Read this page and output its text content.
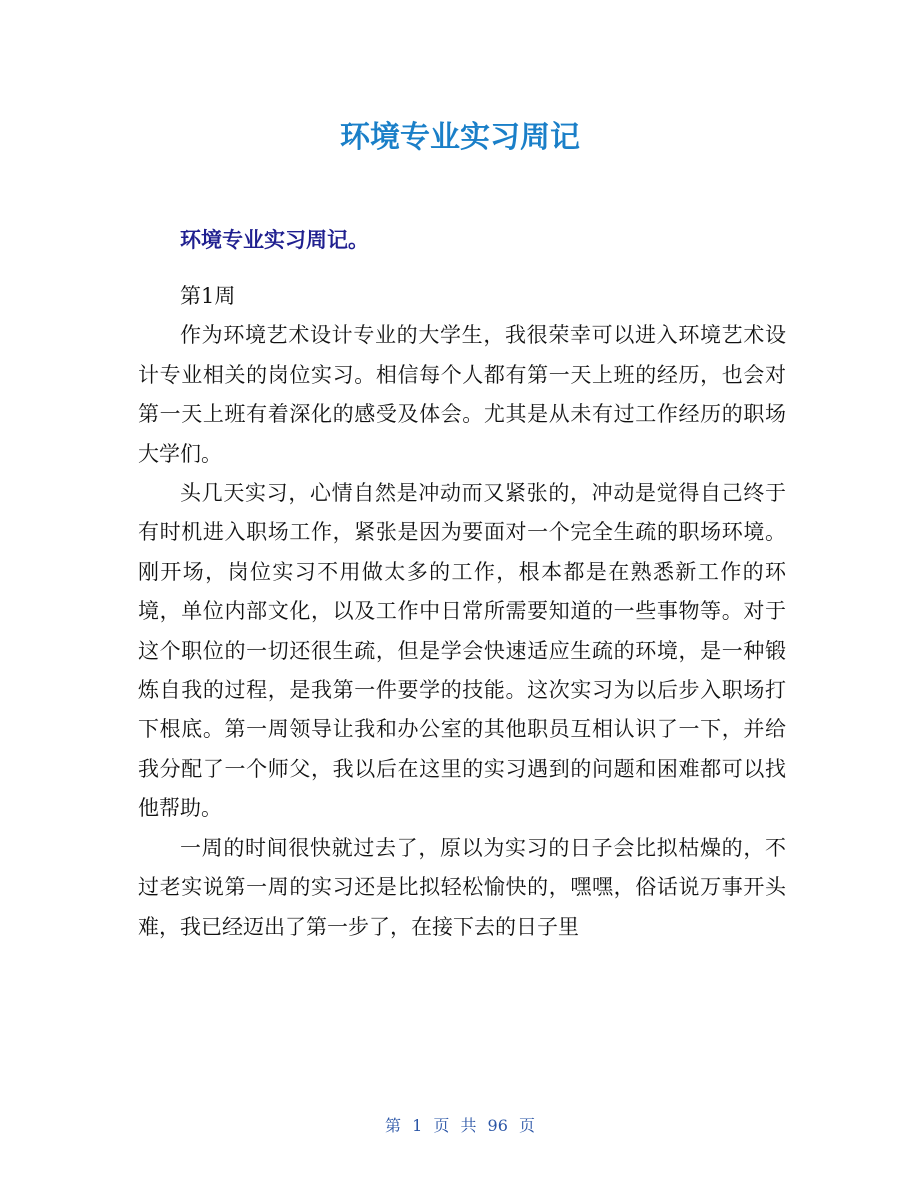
环境专业实习周记
环境专业实习周记。

第1周

作为环境艺术设计专业的大学生，我很荣幸可以进入环境艺术设计专业相关的岗位实习。相信每个人都有第一天上班的经历，也会对第一天上班有着深化的感受及体会。尤其是从未有过工作经历的职场大学们。

头几天实习，心情自然是冲动而又紧张的，冲动是觉得自己终于有时机进入职场工作，紧张是因为要面对一个完全生疏的职场环境。刚开场，岗位实习不用做太多的工作，根本都是在熟悉新工作的环境，单位内部文化，以及工作中日常所需要知道的一些事物等。对于这个职位的一切还很生疏，但是学会快速适应生疏的环境，是一种锻炼自我的过程，是我第一件要学的技能。这次实习为以后步入职场打下根底。第一周领导让我和办公室的其他职员互相认识了一下，并给我分配了一个师父，我以后在这里的实习遇到的问题和困难都可以找他帮助。

一周的时间很快就过去了，原以为实习的日子会比拟枯燥的，不过老实说第一周的实习还是比拟轻松愉快的，嘿嘿，俗话说万事开头难，我已经迈出了第一步了，在接下去的日子里

第 1 页 共 96 页
